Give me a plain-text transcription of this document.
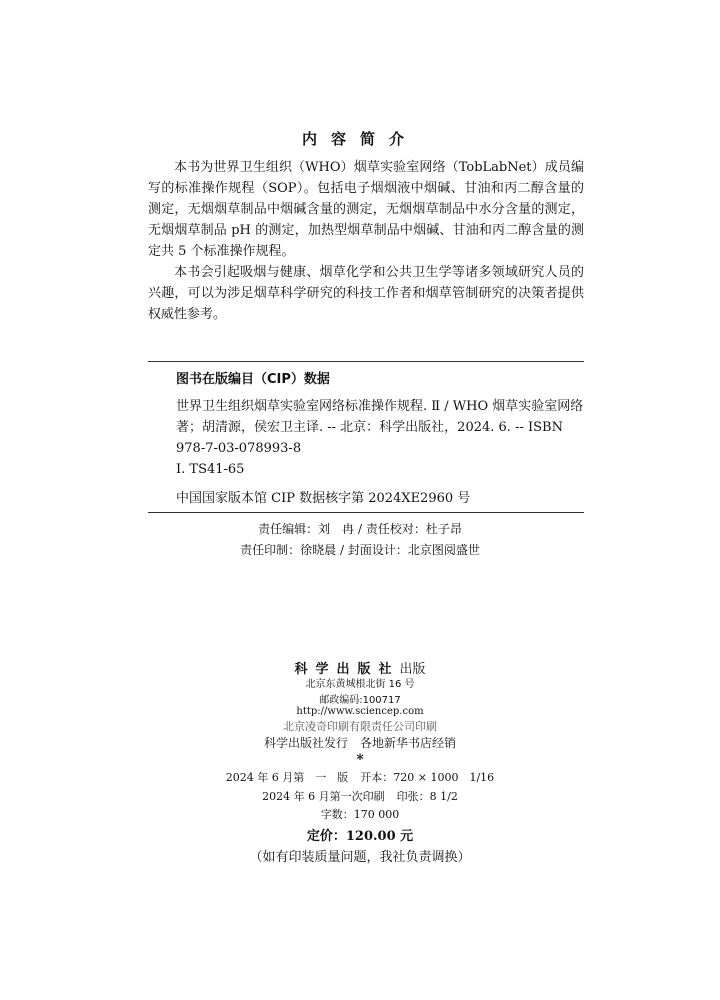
内容简介

本书为世界卫生组织（WHO）烟草实验室网络（TobLabNet）成员编写的标准操作规程（SOP）。包括电子烟烟液中烟碱、甘油和丙二醇含量的测定，无烟烟草制品中烟碱含量的测定，无烟烟草制品中水分含量的测定，无烟烟草制品 pH 的测定，加热型烟草制品中烟碱、甘油和丙二醇含量的测定共 5 个标准操作规程。

本书会引起吸烟与健康、烟草化学和公共卫生学等诸多领域研究人员的兴趣，可以为涉足烟草科学研究的科技工作者和烟草管制研究的决策者提供权威性参考。

图书在版编目（CIP）数据

世界卫生组织烟草实验室网络标准操作规程. Ⅱ / WHO 烟草实验室网络著；胡清源，侯宏卫主译. -- 北京：科学出版社，2024. 6. -- ISBN 978-7-03-078993-8

Ⅰ. TS41-65
中国国家版本馆 CIP 数据核字第 2024XE2960 号
责任编辑：刘　冉 / 责任校对：杜子昂
责任印制：徐晓晨 / 封面设计：北京图阅盛世
科学出版社出版
北京东黄城根北街 16 号
邮政编码:100717
http://www.sciencep.com
北京凌奇印刷有限责任公司印刷
科学出版社发行　各地新华书店经销
*
2024 年 6 月第　一　版 开本：720 × 1000　1/16
2024 年 6 月第一次印刷 印张：8 1/2
字数：170 000
定价：120.00 元
（如有印装质量问题，我社负责调换）
